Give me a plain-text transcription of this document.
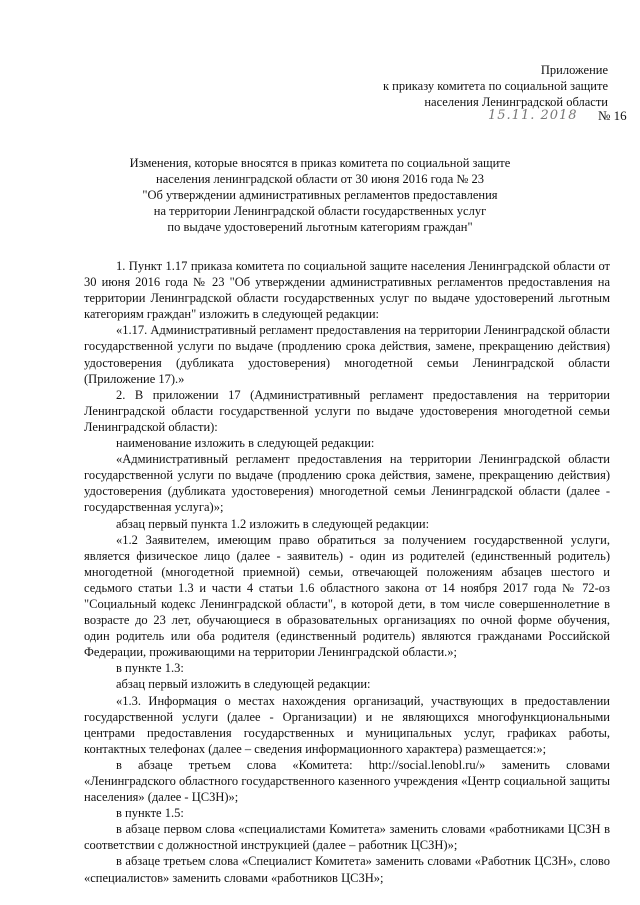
Приложение
к приказу комитета по социальной защите
населения Ленинградской области
15.11. 2018 № 16
Изменения, которые вносятся в приказ комитета по социальной защите
населения ленинградской области от 30 июня 2016 года № 23
"Об утверждении административных регламентов предоставления
на территории Ленинградской области государственных услуг
по выдаче удостоверений льготным категориям граждан"

1. Пункт 1.17 приказа комитета по социальной защите населения Ленинградской области от 30 июня 2016 года № 23 "Об утверждении административных регламентов предоставления на территории Ленинградской области государственных услуг по выдаче удостоверений льготным категориям граждан" изложить в следующей редакции:

«1.17. Административный регламент предоставления на территории Ленинградской области государственной услуги по выдаче (продлению срока действия, замене, прекращению действия) удостоверения (дубликата удостоверения) многодетной семьи Ленинградской области (Приложение 17).»

2. В приложении 17 (Административный регламент предоставления на территории Ленинградской области государственной услуги по выдаче удостоверения многодетной семьи Ленинградской области):

наименование изложить в следующей редакции:

«Административный регламент предоставления на территории Ленинградской области государственной услуги по выдаче (продлению срока действия, замене, прекращению действия) удостоверения (дубликата удостоверения) многодетной семьи Ленинградской области (далее - государственная услуга)»;

абзац первый пункта 1.2 изложить в следующей редакции:

«1.2 Заявителем, имеющим право обратиться за получением государственной услуги, является физическое лицо (далее - заявитель) - один из родителей (единственный родитель) многодетной (многодетной приемной) семьи, отвечающей положениям абзацев шестого и седьмого статьи 1.3 и части 4 статьи 1.6 областного закона от 14 ноября 2017 года № 72-оз "Социальный кодекс Ленинградской области", в которой дети, в том числе совершеннолетние в возрасте до 23 лет, обучающиеся в образовательных организациях по очной форме обучения, один родитель или оба родителя (единственный родитель) являются гражданами Российской Федерации, проживающими на территории Ленинградской области.»;

в пункте 1.3:

абзац первый изложить в следующей редакции:

«1.3. Информация о местах нахождения организаций, участвующих в предоставлении государственной услуги (далее - Организации) и не являющихся многофункциональными центрами предоставления государственных и муниципальных услуг, графиках работы, контактных телефонах (далее – сведения информационного характера) размещается:»;

в абзаце третьем слова «Комитета: http://social.lenobl.ru/» заменить словами «Ленинградского областного государственного казенного учреждения «Центр социальной защиты населения» (далее - ЦСЗН)»;

в пункте 1.5:

в абзаце первом слова «специалистами Комитета» заменить словами «работниками ЦСЗН в соответствии с должностной инструкцией (далее – работник ЦСЗН)»;

в абзаце третьем слова «Специалист Комитета» заменить словами «Работник ЦСЗН», слово «специалистов» заменить словами «работников ЦСЗН»;
